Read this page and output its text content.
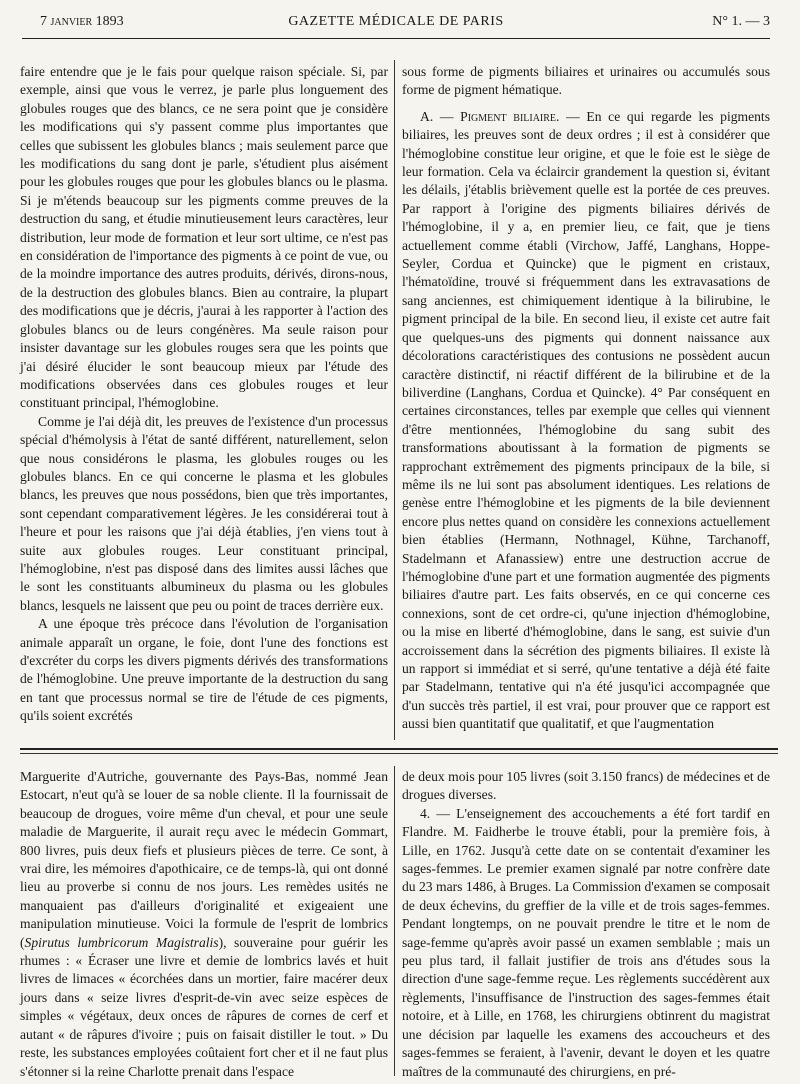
7 janvier 1893	GAZETTE MÉDICALE DE PARIS	N° 1. — 3

faire entendre que je le fais pour quelque raison spéciale. Si, par exemple, ainsi que vous le verrez, je parle plus longuement des globules rouges que des blancs, ce ne sera point que je considère les modifications qui s'y passent comme plus importantes que celles que subissent les globules blancs ; mais seulement parce que les modifications du sang dont je parle, s'étudient plus aisément pour les globules rouges que pour les globules blancs ou le plasma. Si je m'étends beaucoup sur les pigments comme preuves de la destruction du sang, et étudie minutieusement leurs caractères, leur distribution, leur mode de formation et leur sort ultime, ce n'est pas en considération de l'importance des pigments à ce point de vue, ou de la moindre importance des autres produits, dérivés, dirons-nous, de la destruction des globules blancs. Bien au contraire, la plupart des modifications que je décris, j'aurai à les rapporter à l'action des globules blancs ou de leurs congénères. Ma seule raison pour insister davantage sur les globules rouges sera que les points que j'ai désiré élucider le sont beaucoup mieux par l'étude des modifications observées dans ces globules rouges et leur constituant principal, l'hémoglobine.

Comme je l'ai déjà dit, les preuves de l'existence d'un processus spécial d'hémolysis à l'état de santé différent, naturellement, selon que nous considérons le plasma, les globules rouges ou les globules blancs. En ce qui concerne le plasma et les globules blancs, les preuves que nous possédons, bien que très importantes, sont cependant comparativement légères. Je les considérerai tout à l'heure et pour les raisons que j'ai déjà établies, j'en viens tout à suite aux globules rouges. Leur constituant principal, l'hémoglobine, n'est pas disposé dans des limites aussi lâches que le sont les constituants albumineux du plasma ou les globules blancs, lesquels ne laissent que peu ou point de traces derrière eux.

A une époque très précoce dans l'évolution de l'organisation animale apparaît un organe, le foie, dont l'une des fonctions est d'excréter du corps les divers pigments dérivés des transformations de l'hémoglobine. Une preuve importante de la destruction du sang en tant que processus normal se tire de l'étude de ces pigments, qu'ils soient excrétés

sous forme de pigments biliaires et urinaires ou accumulés sous forme de pigment hématique.

A. — Pigment biliaire. — En ce qui regarde les pigments biliaires, les preuves sont de deux ordres ; il est à considérer que l'hémoglobine constitue leur origine, et que le foie est le siège de leur formation. Cela va éclaircir grandement la question si, évitant les délails, j'établis brièvement quelle est la portée de ces preuves. Par rapport à l'origine des pigments biliaires dérivés de l'hémoglobine, il y a, en premier lieu, ce fait, que je tiens actuellement comme établi (Virchow, Jaffé, Langhans, Hoppe-Seyler, Cordua et Quincke) que le pigment en cristaux, l'hématoïdine, trouvé si fréquemment dans les extravasations de sang anciennes, est chimiquement identique à la bilirubine, le pigment principal de la bile. En second lieu, il existe cet autre fait que quelques-uns des pigments qui donnent naissance aux décolorations caractéristiques des contusions ne possèdent aucun caractère distinctif, ni réactif différent de la bilirubine et de la biliverdine (Langhans, Cordua et Quincke). 4° Par conséquent en certaines circonstances, telles par exemple que celles qui viennent d'être mentionnées, l'hémoglobine du sang subit des transformations aboutissant à la formation de pigments se rapprochant extrêmement des pigments principaux de la bile, si même ils ne lui sont pas absolument identiques. Les relations de genèse entre l'hémoglobine et les pigments de la bile deviennent encore plus nettes quand on considère les connexions actuellement bien établies (Hermann, Nothnagel, Kühne, Tarchanoff, Stadelmann et Afanassiew) entre une destruction accrue de l'hémoglobine d'une part et une formation augmentée des pigments biliaires d'autre part. Les faits observés, en ce qui concerne ces connexions, sont de cet ordre-ci, qu'une injection d'hémoglobine, ou la mise en liberté d'hémoglobine, dans le sang, est suivie d'un accroissement dans la sécrétion des pigments biliaires. Il existe là un rapport si immédiat et si serré, qu'une tentative a déjà été faite par Stadelmann, tentative qui n'a été jusqu'ici accompagnée que d'un succès très partiel, il est vrai, pour prouver que ce rapport est aussi bien quantitatif que qualitatif, et que l'augmentation

Marguerite d'Autriche, gouvernante des Pays-Bas, nommé Jean Estocart, n'eut qu'à se louer de sa noble cliente. Il la fournissait de beaucoup de drogues, voire même d'un cheval, et pour une seule maladie de Marguerite, il aurait reçu avec le médecin Gommart, 800 livres, puis deux fiefs et plusieurs pièces de terre. Ce sont, à vrai dire, les mémoires d'apothicaire, ce de temps-là, qui ont donné lieu au proverbe si connu de nos jours. Les remèdes usités ne manquaient pas d'ailleurs d'originalité et exigeaient une manipulation minutieuse. Voici la formule de l'esprit de lombrics (Spirutus lumbricorum Magistralis), souveraine pour guérir les rhumes : « Écraser une livre et demie de lombrics lavés et huit livres de limaces « écorchées dans un mortier, faire macérer deux jours dans « seize livres d'esprit-de-vin avec seize espèces de simples « végétaux, deux onces de râpures de cornes de cerf et autant « de râpures d'ivoire ; puis on faisait distiller le tout. » Du reste, les substances employées coûtaient fort cher et il ne faut plus s'étonner si la reine Charlotte prenait dans l'espace

de deux mois pour 105 livres (soit 3.150 francs) de médecines et de drogues diverses.

4. — L'enseignement des accouchements a été fort tardif en Flandre. M. Faidherbe le trouve établi, pour la première fois, à Lille, en 1762. Jusqu'à cette date on se contentait d'examiner les sages-femmes. Le premier examen signalé par notre confrère date du 23 mars 1486, à Bruges. La Commission d'examen se composait de deux échevins, du greffier de la ville et de trois sages-femmes. Pendant longtemps, on ne pouvait prendre le titre et le nom de sage-femme qu'après avoir passé un examen semblable ; mais un peu plus tard, il fallait justifier de trois ans d'études sous la direction d'une sage-femme reçue. Les règlements succédèrent aux règlements, l'insuffisance de l'instruction des sages-femmes était notoire, et à Lille, en 1768, les chirurgiens obtinrent du magistrat une décision par laquelle les examens des accoucheurs et des sages-femmes se feraient, à l'avenir, devant le doyen et les quatre maîtres de la communauté des chirurgiens, en pré-
